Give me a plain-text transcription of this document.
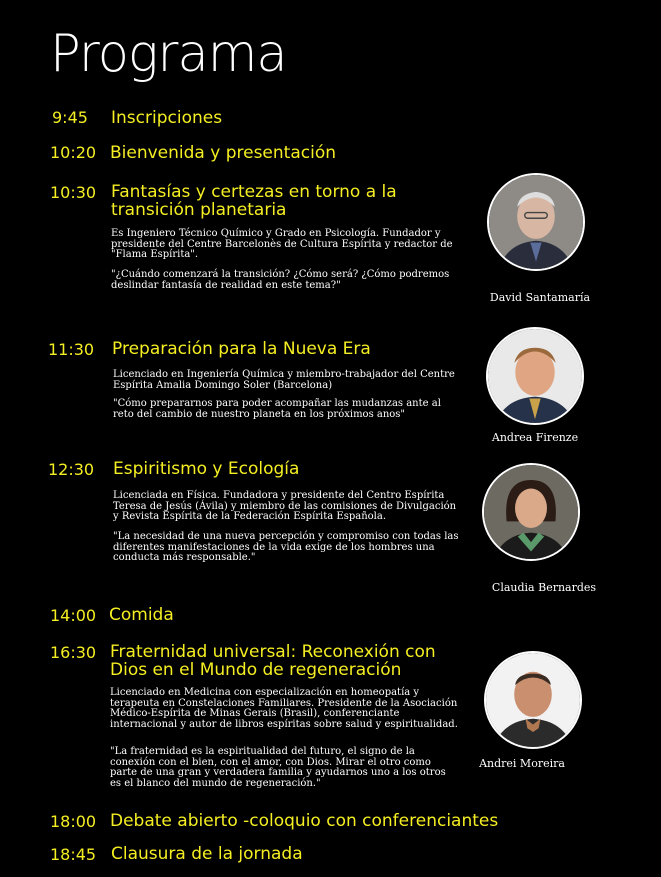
Programa
9:45 Inscripciones
10:20 Bienvenida y presentación
10:30 Fantasías y certezas en torno a la
transición planetaria
Es Ingeniero Técnico Químico y Grado en Psicología. Fundador y presidente del Centre Barcelonès de Cultura Espírita y redactor de "Flama Espírita".
"¿Cuándo comenzará la transición? ¿Cómo será? ¿Cómo podremos deslindar fantasía de realidad en este tema?"
David Santamaría
11:30 Preparación para la Nueva Era
Licenciado en Ingeniería Química y miembro-trabajador del Centre Espírita Amalia Domingo Soler (Barcelona)
"Cómo prepararnos para poder acompañar las mudanzas ante al reto del cambio de nuestro planeta en los próximos anos"
Andrea Firenze
12:30 Espiritismo y Ecología
Licenciada en Física. Fundadora y presidente del Centro Espírita Teresa de Jesús (Ávila) y miembro de las comisiones de Divulgación y Revista Espírita de la Federación Espírita Española.
"La necesidad de una nueva percepción y compromiso con todas las diferentes manifestaciones de la vida exige de los hombres una conducta más responsable."
Claudia Bernardes
14:00 Comida
16:30 Fraternidad universal: Reconexión con
Dios en el Mundo de regeneración
Licenciado en Medicina con especialización en homeopatía y terapeuta en Constelaciones Familiares. Presidente de la Asociación Médico-Espírita de Minas Gerais (Brasil), conferenciante internacional y autor de libros espíritas sobre salud y espiritualidad.
"La fraternidad es la espiritualidad del futuro, el signo de la conexión con el bien, con el amor, con Dios. Mirar el otro como parte de una gran y verdadera familia y ayudarnos uno a los otros es el blanco del mundo de regeneración."
Andrei Moreira
18:00 Debate abierto -coloquio con conferenciantes
18:45 Clausura de la jornada
